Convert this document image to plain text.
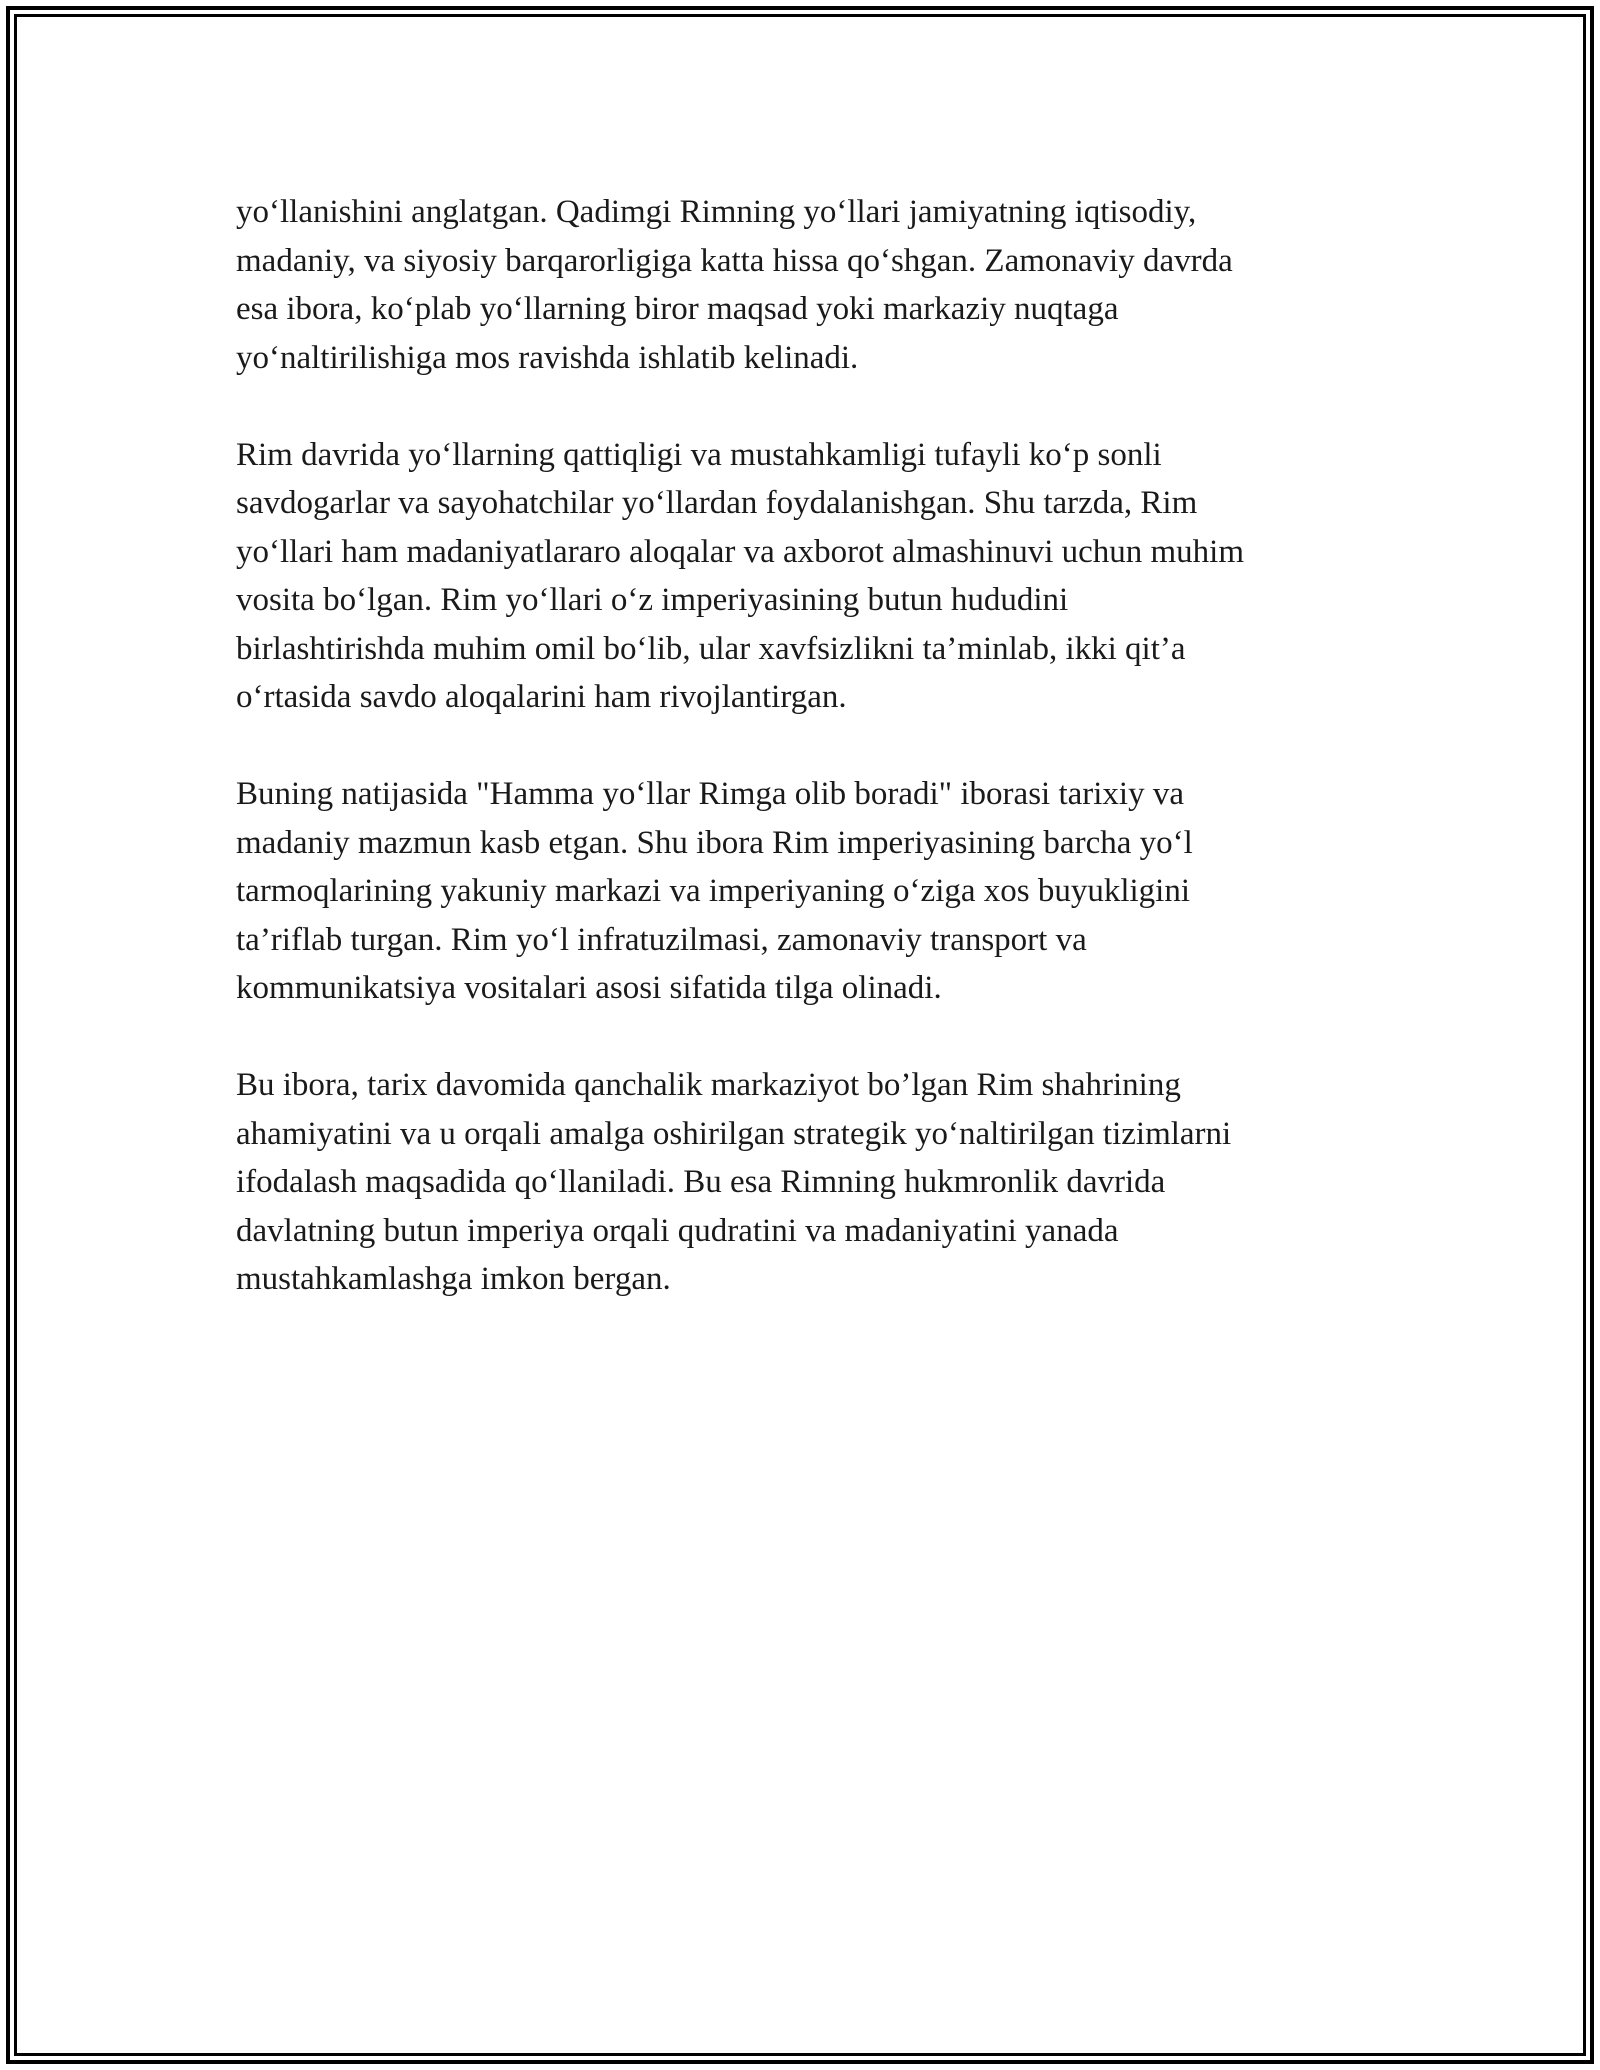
yo‘llanishini anglatgan. Qadimgi Rimning yo‘llari jamiyatning iqtisodiy,
madaniy, va siyosiy barqarorligiga katta hissa qo‘shgan. Zamonaviy davrda
esa ibora, ko‘plab yo‘llarning biror maqsad yoki markaziy nuqtaga
yo‘naltirilishiga mos ravishda ishlatib kelinadi.

Rim davrida yo‘llarning qattiqligi va mustahkamligi tufayli ko‘p sonli
savdogarlar va sayohatchilar yo‘llardan foydalanishgan. Shu tarzda, Rim
yo‘llari ham madaniyatlararo aloqalar va axborot almashinuvi uchun muhim
vosita bo‘lgan. Rim yo‘llari o‘z imperiyasining butun hududini
birlashtirishda muhim omil bo‘lib, ular xavfsizlikni ta’minlab, ikki qit’a
o‘rtasida savdo aloqalarini ham rivojlantirgan.

Buning natijasida "Hamma yo‘llar Rimga olib boradi" iborasi tarixiy va
madaniy mazmun kasb etgan. Shu ibora Rim imperiyasining barcha yo‘l
tarmoqlarining yakuniy markazi va imperiyaning o‘ziga xos buyukligini
ta’riflab turgan. Rim yo‘l infratuzilmasi, zamonaviy transport va
kommunikatsiya vositalari asosi sifatida tilga olinadi.

Bu ibora, tarix davomida qanchalik markaziyot bo’lgan Rim shahrining
ahamiyatini va u orqali amalga oshirilgan strategik yo‘naltirilgan tizimlarni
ifodalash maqsadida qo‘llaniladi. Bu esa Rimning hukmronlik davrida
davlatning butun imperiya orqali qudratini va madaniyatini yanada
mustahkamlashga imkon bergan.
